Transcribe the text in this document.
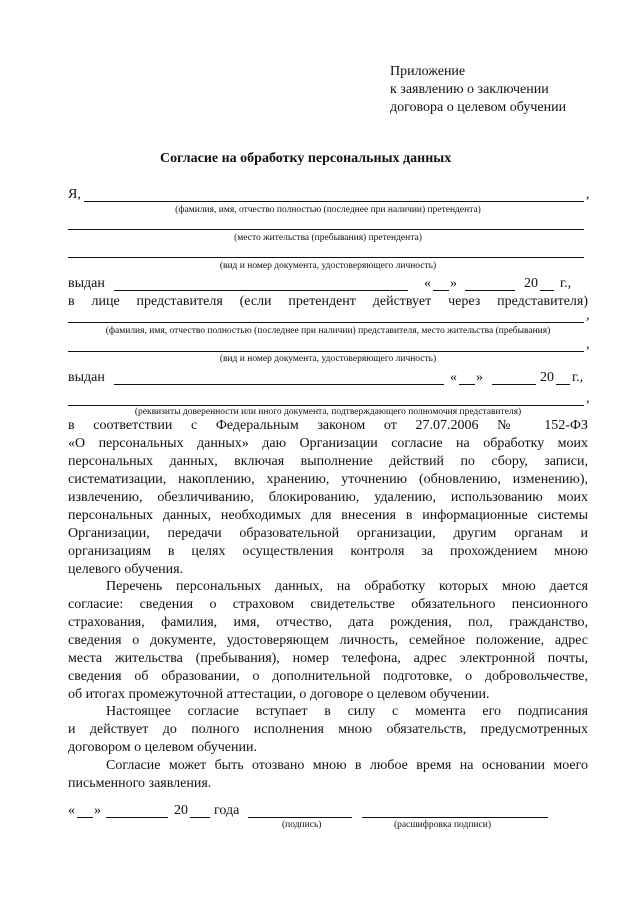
Приложение
к заявлению о заключении
договора о целевом обучении
Согласие на обработку персональных данных
Я,	,
(фамилия, имя, отчество полностью (последнее при наличии) претендента)
(место жительства (пребывания) претендента)
(вид и номер документа, удостоверяющего личность)
выдан	« »	20 г.,
в лице представителя (если претендент действует через представителя)
,
(фамилия, имя, отчество полностью (последнее при наличии) представителя, место жительства (пребывания)
,
(вид и номер документа, удостоверяющего личность)
выдан	« »	20 г.,
,
(реквизиты доверенности или иного документа, подтверждающего полномочия представителя)
в соответствии с Федеральным законом от 27.07.2006 № 152-ФЗ
«О персональных данных» даю Организации согласие на обработку моих
персональных данных, включая выполнение действий по сбору, записи,
систематизации, накоплению, хранению, уточнению (обновлению, изменению),
извлечению, обезличиванию, блокированию, удалению, использованию моих
персональных данных, необходимых для внесения в информационные системы
Организации, передачи образовательной организации, другим органам и
организациям в целях осуществления контроля за прохождением мною
целевого обучения.
Перечень персональных данных, на обработку которых мною дается
согласие: сведения о страховом свидетельстве обязательного пенсионного
страхования, фамилия, имя, отчество, дата рождения, пол, гражданство,
сведения о документе, удостоверяющем личность, семейное положение, адрес
места жительства (пребывания), номер телефона, адрес электронной почты,
сведения об образовании, о дополнительной подготовке, о добровольчестве,
об итогах промежуточной аттестации, о договоре о целевом обучении.
Настоящее согласие вступает в силу с момента его подписания
и действует до полного исполнения мною обязательств, предусмотренных
договором о целевом обучении.
Согласие может быть отозвано мною в любое время на основании моего
письменного заявления.
« »	20 года
(подпись)	(расшифровка подписи)
